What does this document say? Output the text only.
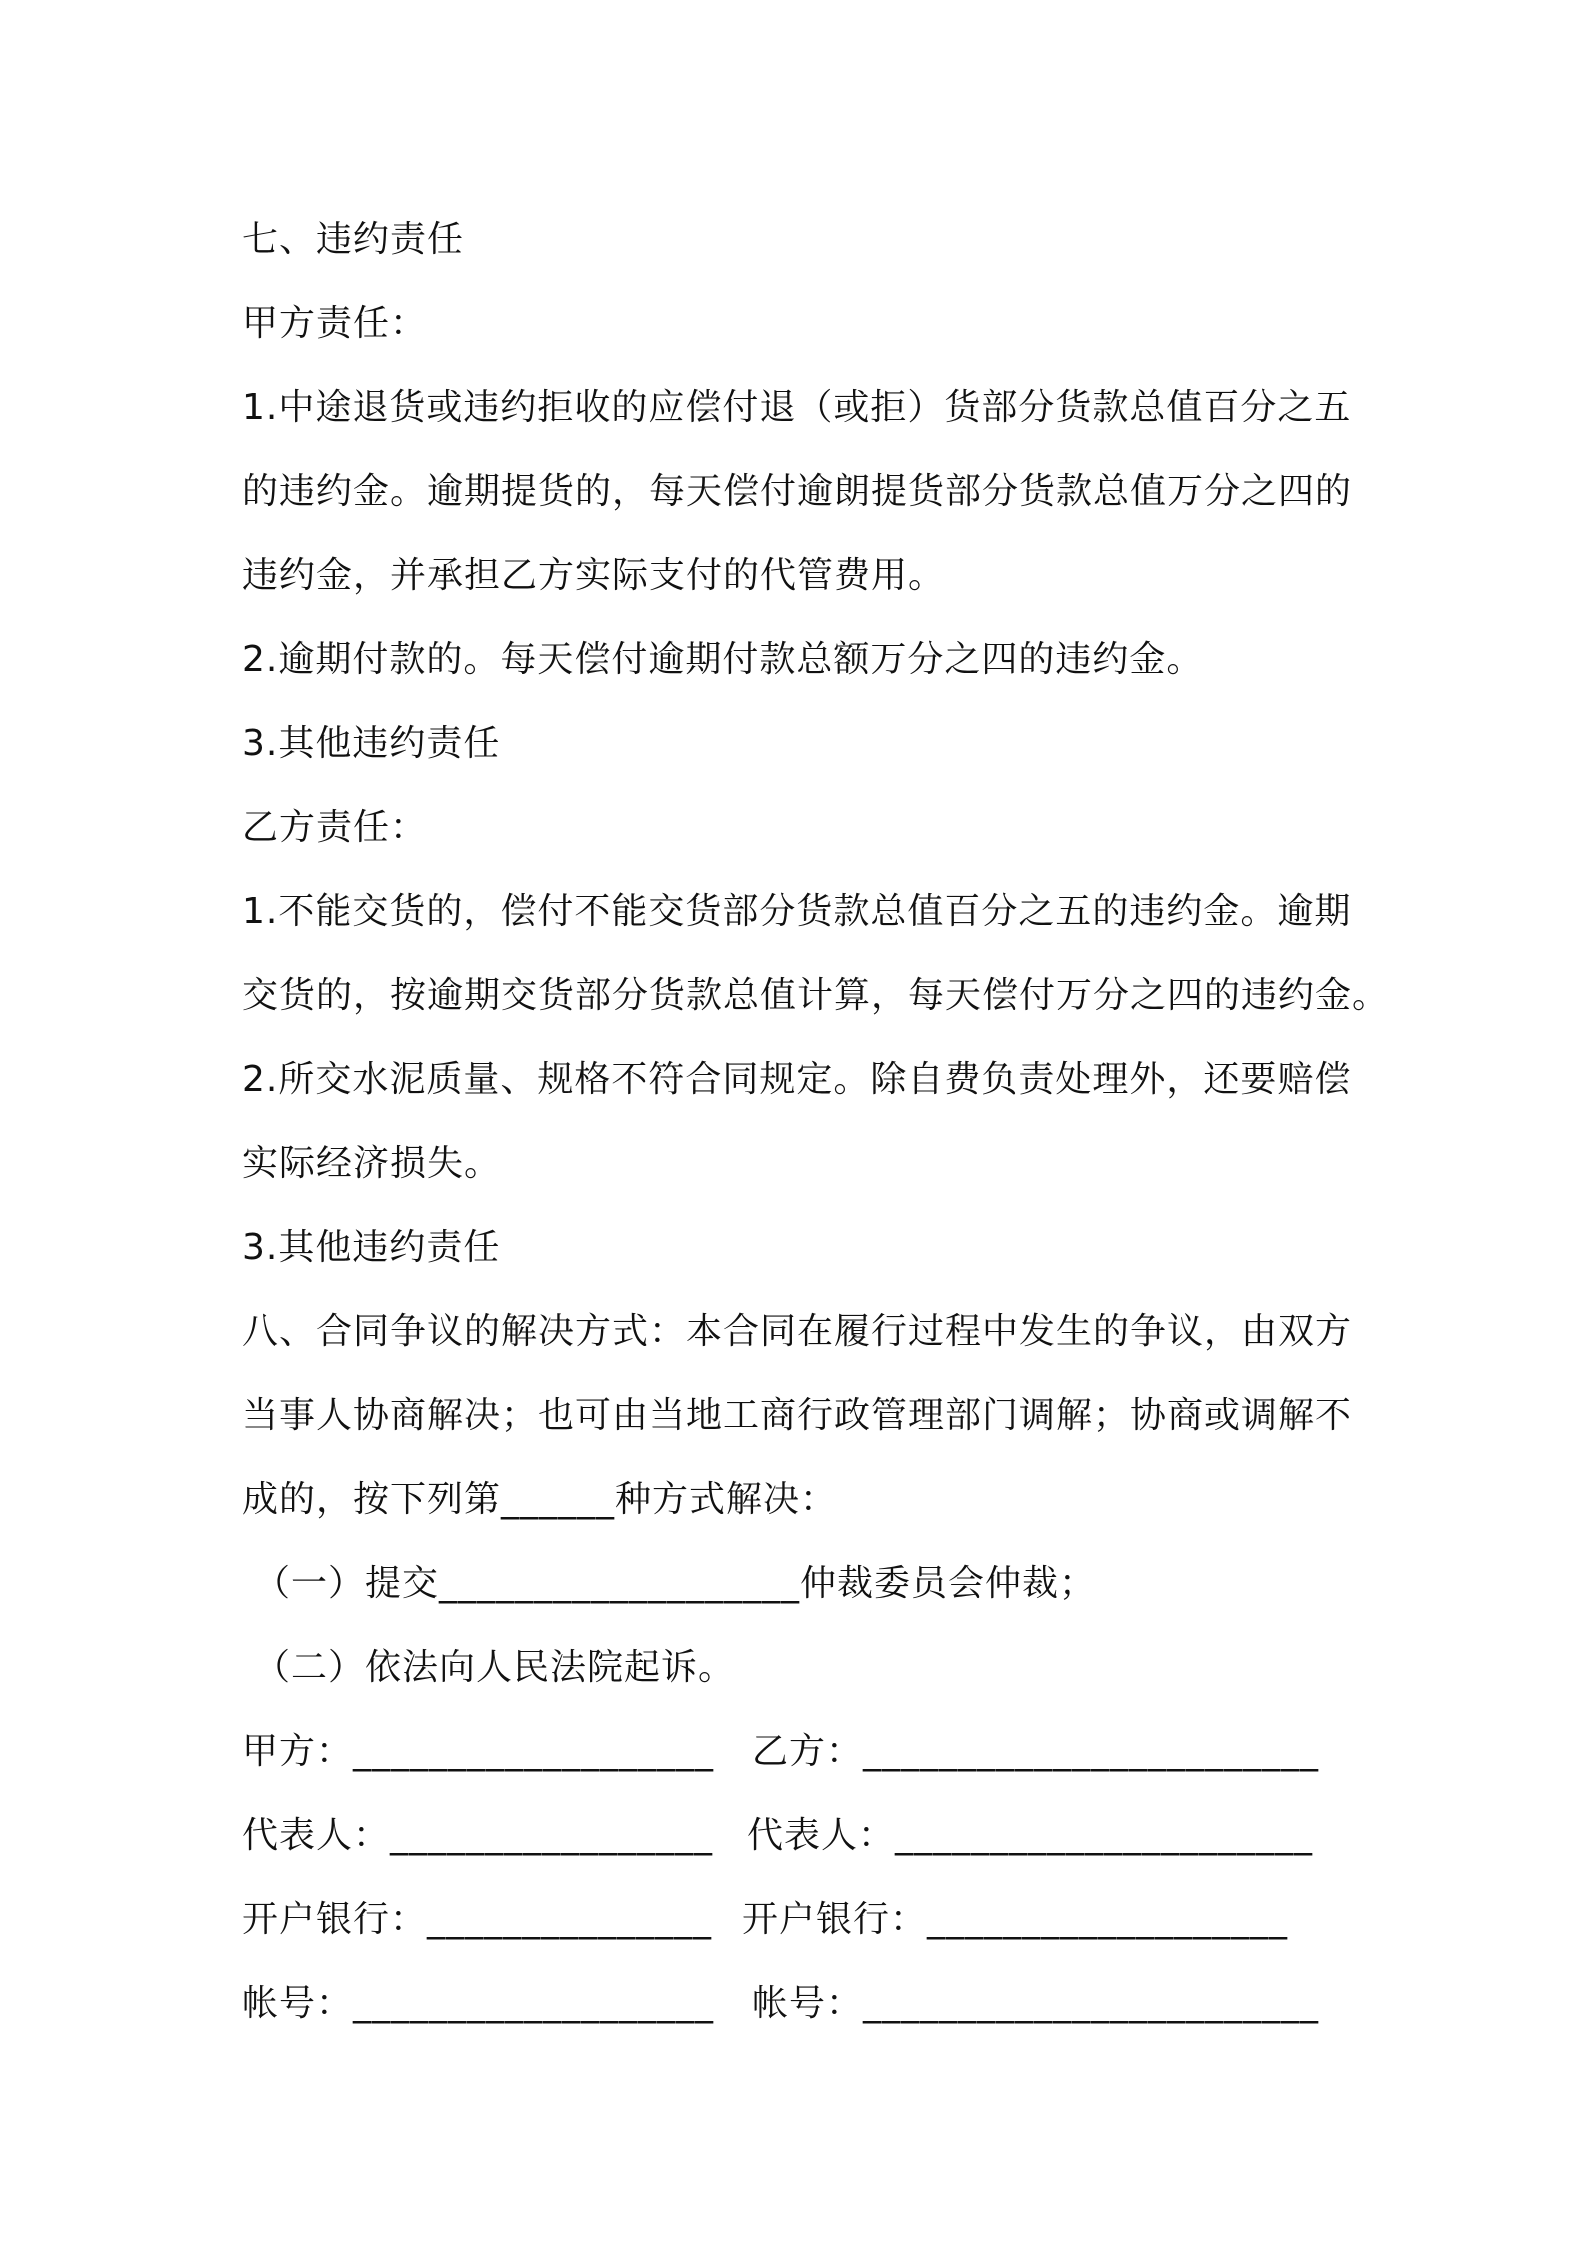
七、违约责任
甲方责任：
1.中途退货或违约拒收的应偿付退（或拒）货部分货款总值百分之五
的违约金。逾期提货的，每天偿付逾朗提货部分货款总值万分之四的
违约金，并承担乙方实际支付的代管费用。
2.逾期付款的。每天偿付逾期付款总额万分之四的违约金。
3.其他违约责任
乙方责任：
1.不能交货的，偿付不能交货部分货款总值百分之五的违约金。逾期
交货的，按逾期交货部分货款总值计算，每天偿付万分之四的违约金。
2.所交水泥质量、规格不符合同规定。除自费负责处理外，还要赔偿
实际经济损失。
3.其他违约责任
八、合同争议的解决方式：本合同在履行过程中发生的争议，由双方
当事人协商解决；也可由当地工商行政管理部门调解；协商或调解不
成的，按下列第______种方式解决：
（一）提交___________________仲裁委员会仲裁；
（二）依法向人民法院起诉。
甲方：___________________ 乙方：________________________
代表人：_________________ 代表人：______________________
开户银行：_______________ 开户银行：___________________
帐号：___________________ 帐号：________________________
